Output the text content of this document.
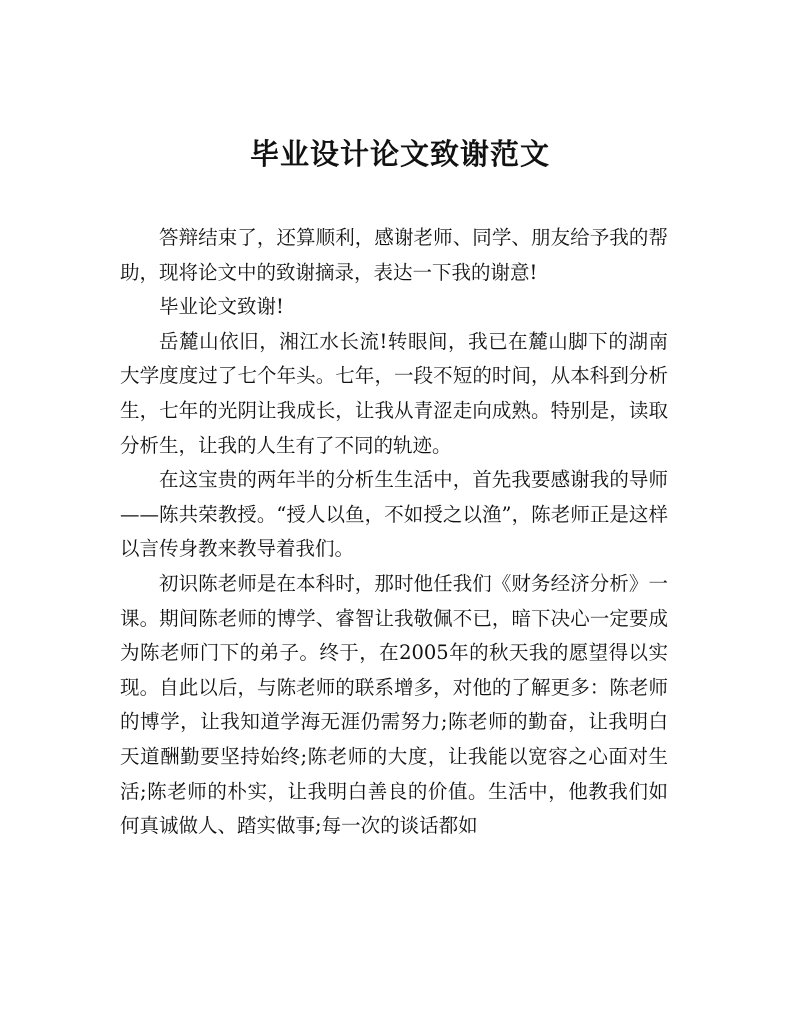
毕业设计论文致谢范文

答辩结束了，还算顺利，感谢老师、同学、朋友给予我的帮助，现将论文中的致谢摘录，表达一下我的谢意!

毕业论文致谢!

岳麓山依旧，湘江水长流!转眼间，我已在麓山脚下的湖南大学度度过了七个年头。七年，一段不短的时间，从本科到分析生，七年的光阴让我成长，让我从青涩走向成熟。特别是，读取分析生，让我的人生有了不同的轨迹。

在这宝贵的两年半的分析生生活中，首先我要感谢我的导师——陈共荣教授。“授人以鱼，不如授之以渔”，陈老师正是这样以言传身教来教导着我们。

初识陈老师是在本科时，那时他任我们《财务经济分析》一课。期间陈老师的博学、睿智让我敬佩不已，暗下决心一定要成为陈老师门下的弟子。终于，在2005年的秋天我的愿望得以实现。自此以后，与陈老师的联系增多，对他的了解更多：陈老师的博学，让我知道学海无涯仍需努力;陈老师的勤奋，让我明白天道酬勤要坚持始终;陈老师的大度，让我能以宽容之心面对生活;陈老师的朴实，让我明白善良的价值。生活中，他教我们如何真诚做人、踏实做事;每一次的谈话都如
